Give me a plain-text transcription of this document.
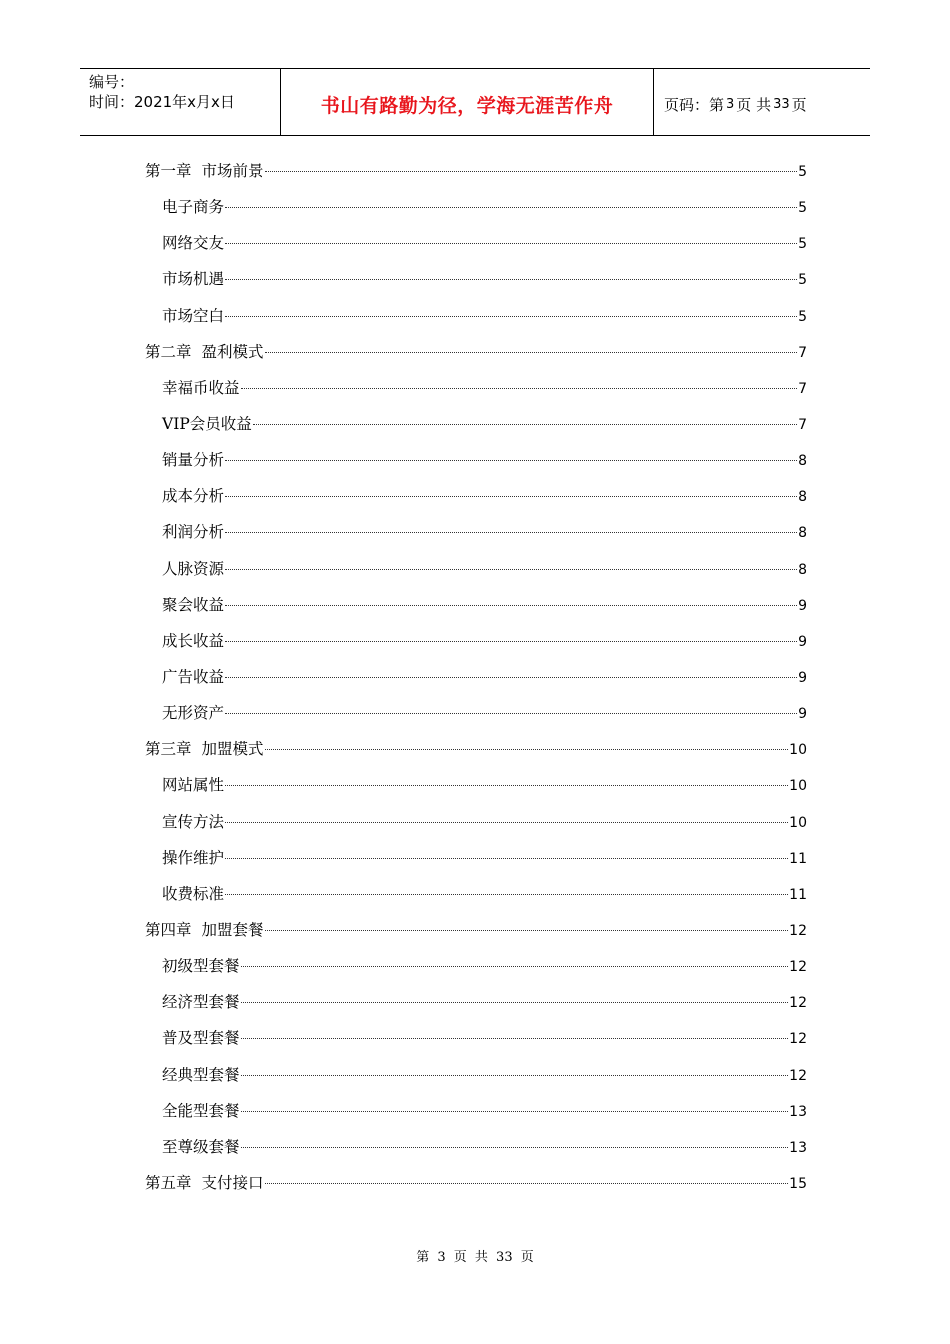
编号：
时间：2021年x月x日	书山有路勤为径，学海无涯苦作舟	页码：第 3 页 共 33 页
第一章 市场前景	5
电子商务	5
网络交友	5
市场机遇	5
市场空白	5
第二章 盈利模式	7
幸福币收益	7
VIP会员收益	7
销量分析	8
成本分析	8
利润分析	8
人脉资源	8
聚会收益	9
成长收益	9
广告收益	9
无形资产	9
第三章 加盟模式	10
网站属性	10
宣传方法	10
操作维护	11
收费标准	11
第四章 加盟套餐	12
初级型套餐	12
经济型套餐	12
普及型套餐	12
经典型套餐	12
全能型套餐	13
至尊级套餐	13
第五章 支付接口	15
第 3 页 共 33 页
